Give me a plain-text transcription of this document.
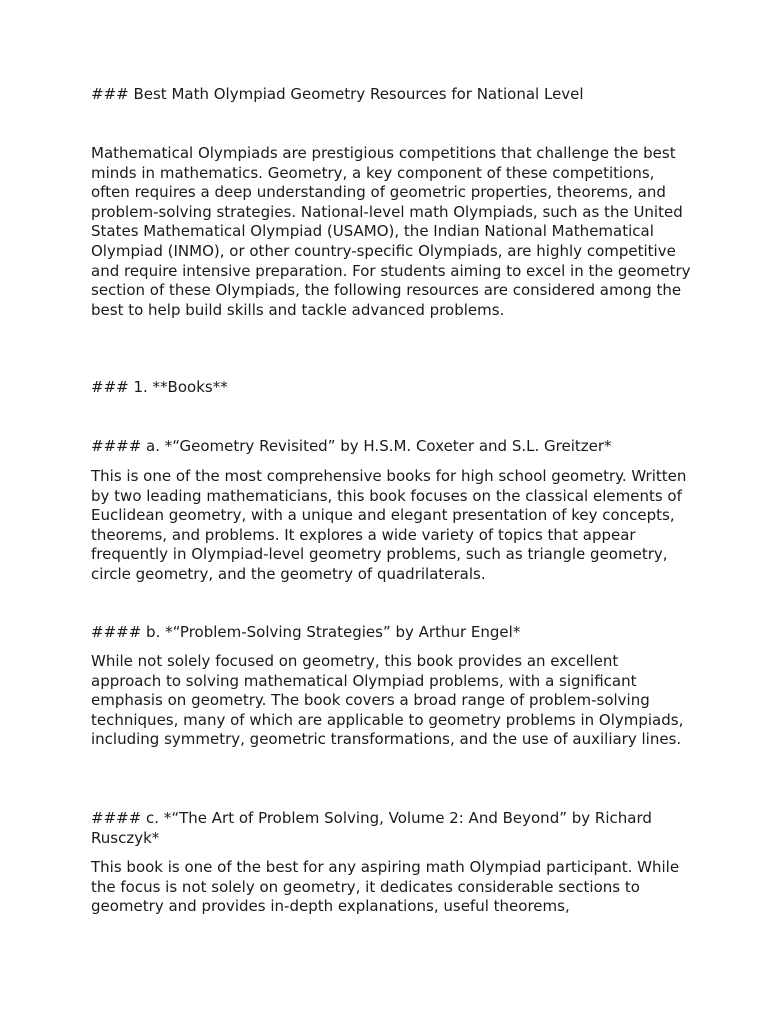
### Best Math Olympiad Geometry Resources for National Level

Mathematical Olympiads are prestigious competitions that challenge the best minds in mathematics. Geometry, a key component of these competitions, often requires a deep understanding of geometric properties, theorems, and problem-solving strategies. National-level math Olympiads, such as the United States Mathematical Olympiad (USAMO), the Indian National Mathematical Olympiad (INMO), or other country-specific Olympiads, are highly competitive and require intensive preparation. For students aiming to excel in the geometry section of these Olympiads, the following resources are considered among the best to help build skills and tackle advanced problems.

### 1. **Books**

#### a. *“Geometry Revisited” by H.S.M. Coxeter and S.L. Greitzer*

This is one of the most comprehensive books for high school geometry. Written by two leading mathematicians, this book focuses on the classical elements of Euclidean geometry, with a unique and elegant presentation of key concepts, theorems, and problems. It explores a wide variety of topics that appear frequently in Olympiad-level geometry problems, such as triangle geometry, circle geometry, and the geometry of quadrilaterals.

#### b. *“Problem-Solving Strategies” by Arthur Engel*

While not solely focused on geometry, this book provides an excellent approach to solving mathematical Olympiad problems, with a significant emphasis on geometry. The book covers a broad range of problem-solving techniques, many of which are applicable to geometry problems in Olympiads, including symmetry, geometric transformations, and the use of auxiliary lines.

#### c. *“The Art of Problem Solving, Volume 2: And Beyond” by Richard Rusczyk*

This book is one of the best for any aspiring math Olympiad participant. While the focus is not solely on geometry, it dedicates considerable sections to geometry and provides in-depth explanations, useful theorems,
